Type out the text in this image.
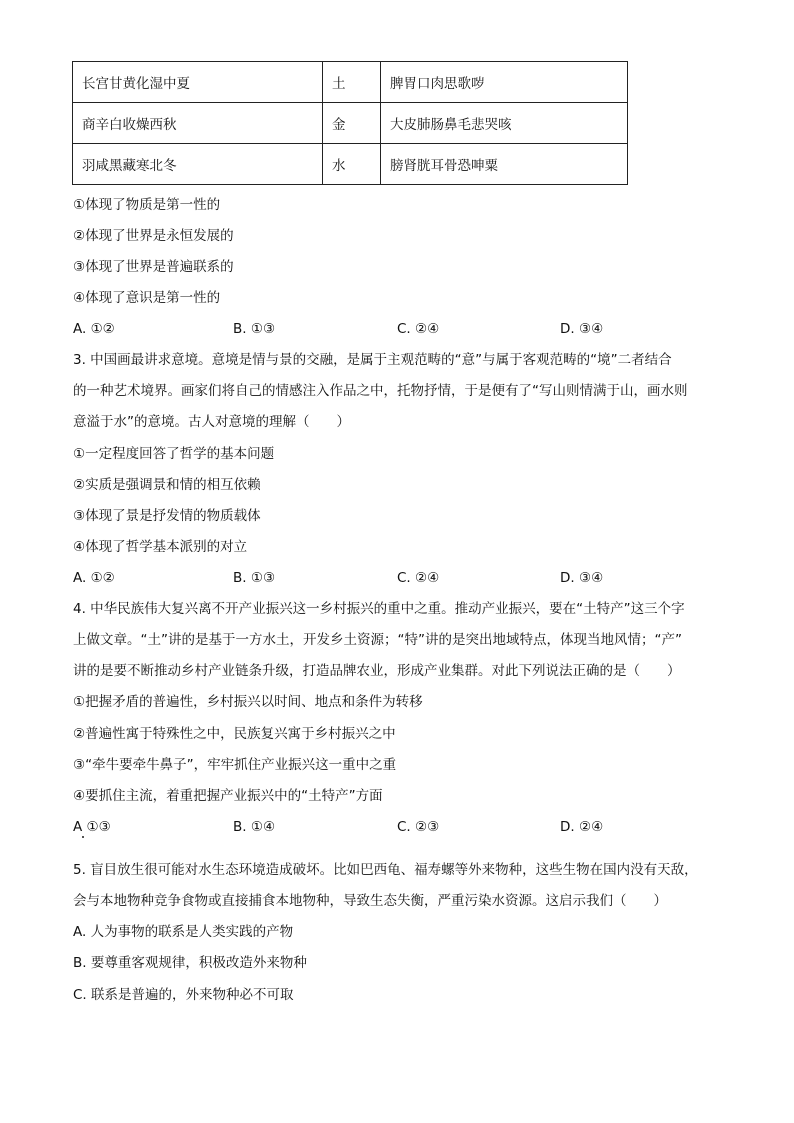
长宫甘黄化湿中夏	土	脾胃口肉思歌哕
商辛白收燥西秋	金	大皮肺肠鼻毛悲哭咳
羽咸黑藏寒北冬	水	膀肾胱耳骨恐呻粟
①体现了物质是第一性的
②体现了世界是永恒发展的
③体现了世界是普遍联系的
④体现了意识是第一性的
A. ①②	B. ①③	C. ②④	D. ③④
3. 中国画最讲求意境。意境是情与景的交融，是属于主观范畴的“意”与属于客观范畴的“境”二者结合
的一种艺术境界。画家们将自己的情感注入作品之中，托物抒情，于是便有了“写山则情满于山，画水则
意溢于水”的意境。古人对意境的理解（　　）
①一定程度回答了哲学的基本问题
②实质是强调景和情的相互依赖
③体现了景是抒发情的物质载体
④体现了哲学基本派别的对立
A. ①②	B. ①③	C. ②④	D. ③④
4. 中华民族伟大复兴离不开产业振兴这一乡村振兴的重中之重。推动产业振兴，要在“土特产”这三个字
上做文章。“土”讲的是基于一方水土，开发乡土资源；“特”讲的是突出地域特点，体现当地风情；“产”
讲的是要不断推动乡村产业链条升级，打造品牌农业，形成产业集群。对此下列说法正确的是（　　）
①把握矛盾的普遍性，乡村振兴以时间、地点和条件为转移
②普遍性寓于特殊性之中，民族复兴寓于乡村振兴之中
③“牵牛要牵牛鼻子”，牢牢抓住产业振兴这一重中之重
④要抓住主流，着重把握产业振兴中的“土特产”方面
A ①③	B. ①④	C. ②③	D. ②④
5. 盲目放生很可能对水生态环境造成破坏。比如巴西龟、福寿螺等外来物种，这些生物在国内没有天敌，
会与本地物种竞争食物或直接捕食本地物种，导致生态失衡，严重污染水资源。这启示我们（　　）
A. 人为事物的联系是人类实践的产物
B. 要尊重客观规律，积极改造外来物种
C. 联系是普遍的，外来物种必不可取
